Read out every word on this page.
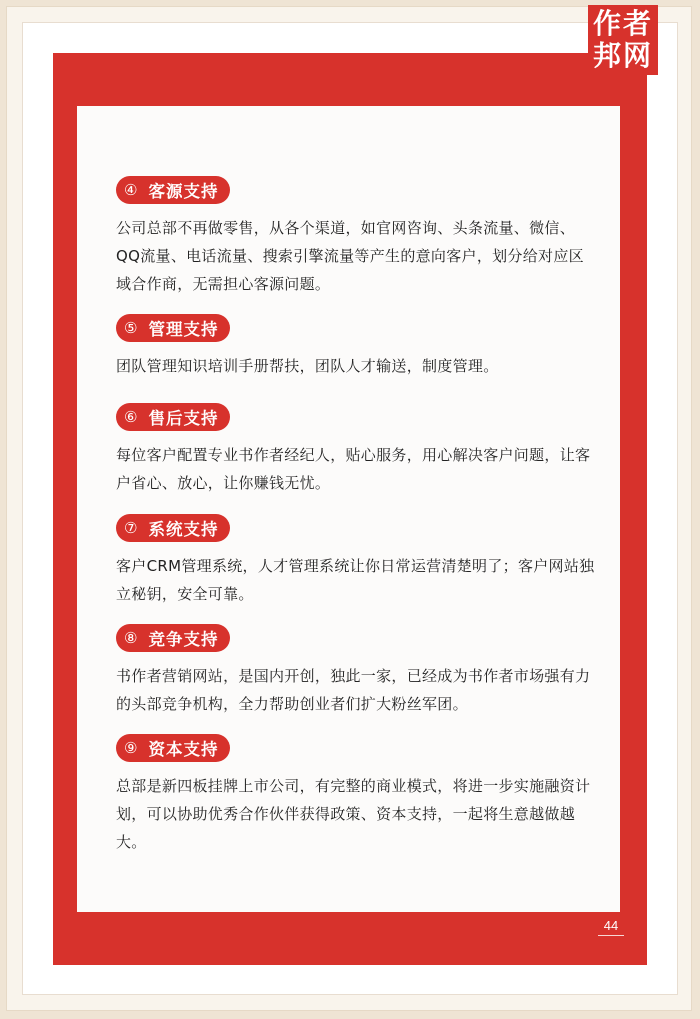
作者
邦网
④ 客源支持

公司总部不再做零售，从各个渠道，如官网咨询、头条流量、微信、QQ流量、电话流量、搜索引擎流量等产生的意向客户，划分给对应区域合作商，无需担心客源问题。

⑤ 管理支持

团队管理知识培训手册帮扶，团队人才输送，制度管理。

⑥ 售后支持

每位客户配置专业书作者经纪人，贴心服务，用心解决客户问题，让客户省心、放心，让你赚钱无忧。

⑦ 系统支持

客户CRM管理系统，人才管理系统让你日常运营清楚明了；客户网站独立秘钥，安全可靠。

⑧ 竞争支持

书作者营销网站，是国内开创，独此一家，已经成为书作者市场强有力的头部竞争机构，全力帮助创业者们扩大粉丝军团。

⑨ 资本支持

总部是新四板挂牌上市公司，有完整的商业模式，将进一步实施融资计划，可以协助优秀合作伙伴获得政策、资本支持，一起将生意越做越大。

44
